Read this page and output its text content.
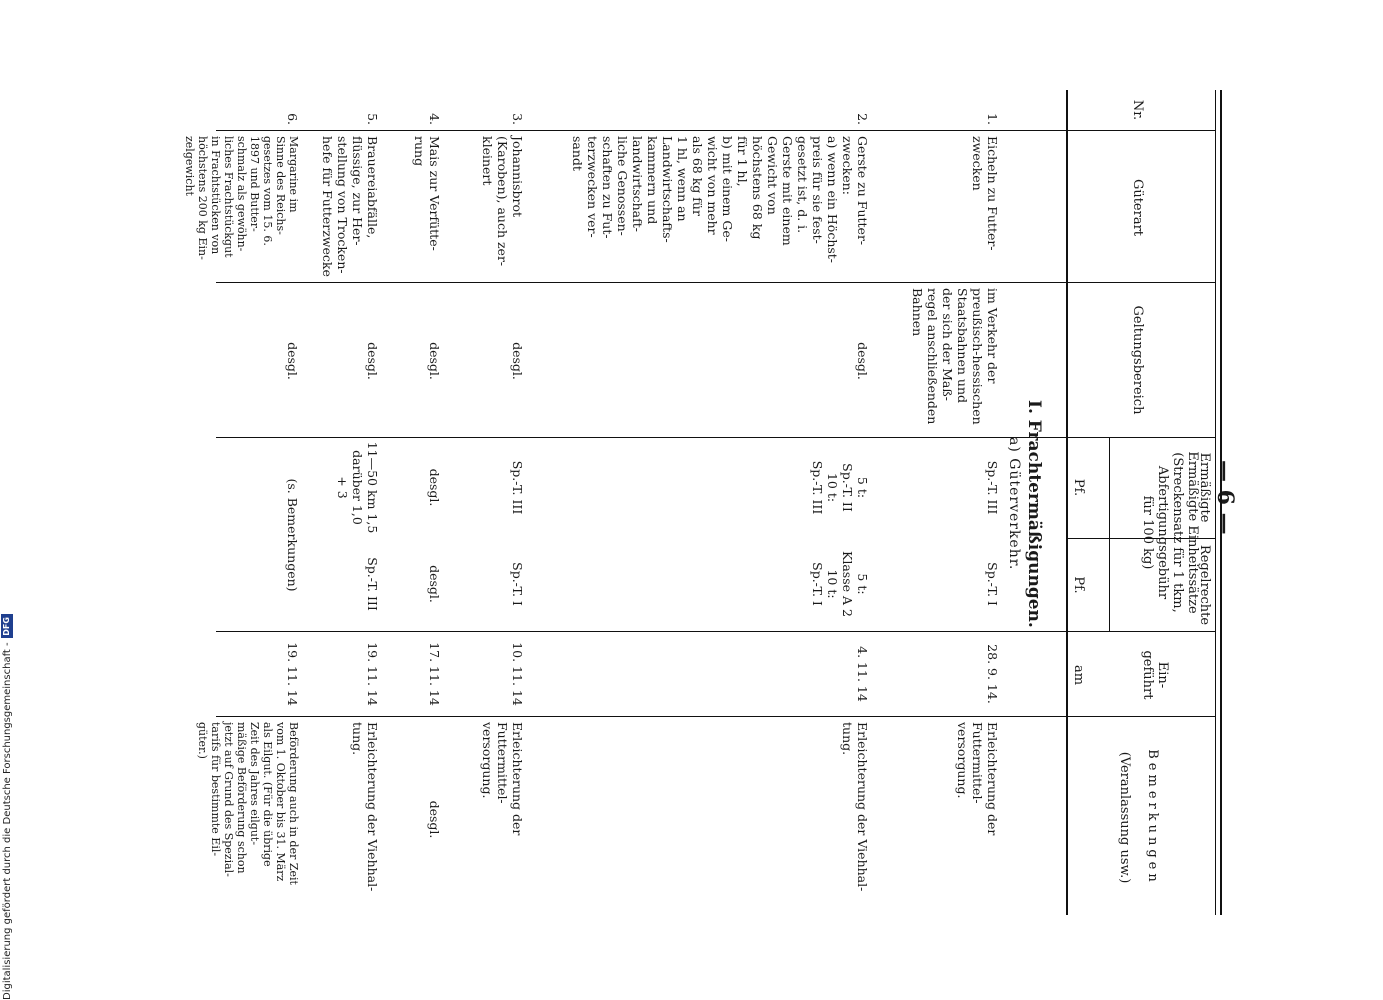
— 6 —
Nr.
Güterart
Geltungsbereich
Ermäßigte Einheitssätze
(Streckensatz für 1 tkm,
Abfertigungsgebühr
für 100 kg)
Ermäßigte
Regelrechte
Pf.
Pf.
Ein-
geführt
am
Bemerkungen
(Veranlassung usw.)
I. Frachtermäßigungen.
a) Güterverkehr.
1.
Eicheln zu Futter-
zwecken
im Verkehr der
preußisch-hessischen
Staatsbahnen und
der sich der Maß-
regel anschließenden
Bahnen
Sp.-T. III
Sp.-T. I
28. 9. 14.
Erleichterung der Futtermittel-
versorgung.
2.
Gerste zu Futter-
zwecken:
a) wenn ein Höchst-
preis für sie fest-
gesetzt ist, d. i.
Gerste mit einem
Gewicht von
höchstens 68 kg
für 1 hl,
b) mit einem Ge-
wicht von mehr
als 68 kg für
1 hl, wenn an
Landwirtschafts-
kammern und
landwirtschaft-
liche Genossen-
schaften zu Fut-
terzwecken ver-
sandt
desgl.
5 t:
Sp.-T. II
10 t:
Sp.-T. III
5 t:
Klasse A 2
10 t:
Sp.-T. I
4. 11. 14
Erleichterung der Viehhal-
tung.
3.
Johannisbrot
(Karoben), auch zer-
kleinert
desgl.
Sp.-T. III
Sp.-T. I
10. 11. 14
Erleichterung der Futtermittel-
versorgung.
4.
Mais zur Verfütte-
rung
desgl.
desgl.
desgl.
17. 11. 14
desgl.
5.
Brauereiabfälle,
flüssige, zur Her-
stellung von Trocken-
hefe für Futterzwecke
desgl.
11—50 km 1,5
darüber 1,0
+ 3
Sp.-T. III
19. 11. 14
Erleichterung der Viehhal-
tung.
6.
Margarine im
Sinne des Reichs-
gesetzes vom 15. 6.
1897 und Butter-
schmalz als gewöhn-
liches Frachtstückgut
in Frachtstücken von
höchstens 200 kg Ein-
zelgewicht
desgl.
(s. Bemerkungen)
19. 11. 14
Beförderung auch in der Zeit
vom 1. Oktober bis 31. März
als Eilgut. (Für die übrige
Zeit des Jahres eilgut-
mäßige Beförderung schon
jetzt auf Grund des Spezial-
tarifs für bestimmte Eil-
güter.)
Digitalisierung gefördert durch die Deutsche Forschungsgemeinschaft -DFG
